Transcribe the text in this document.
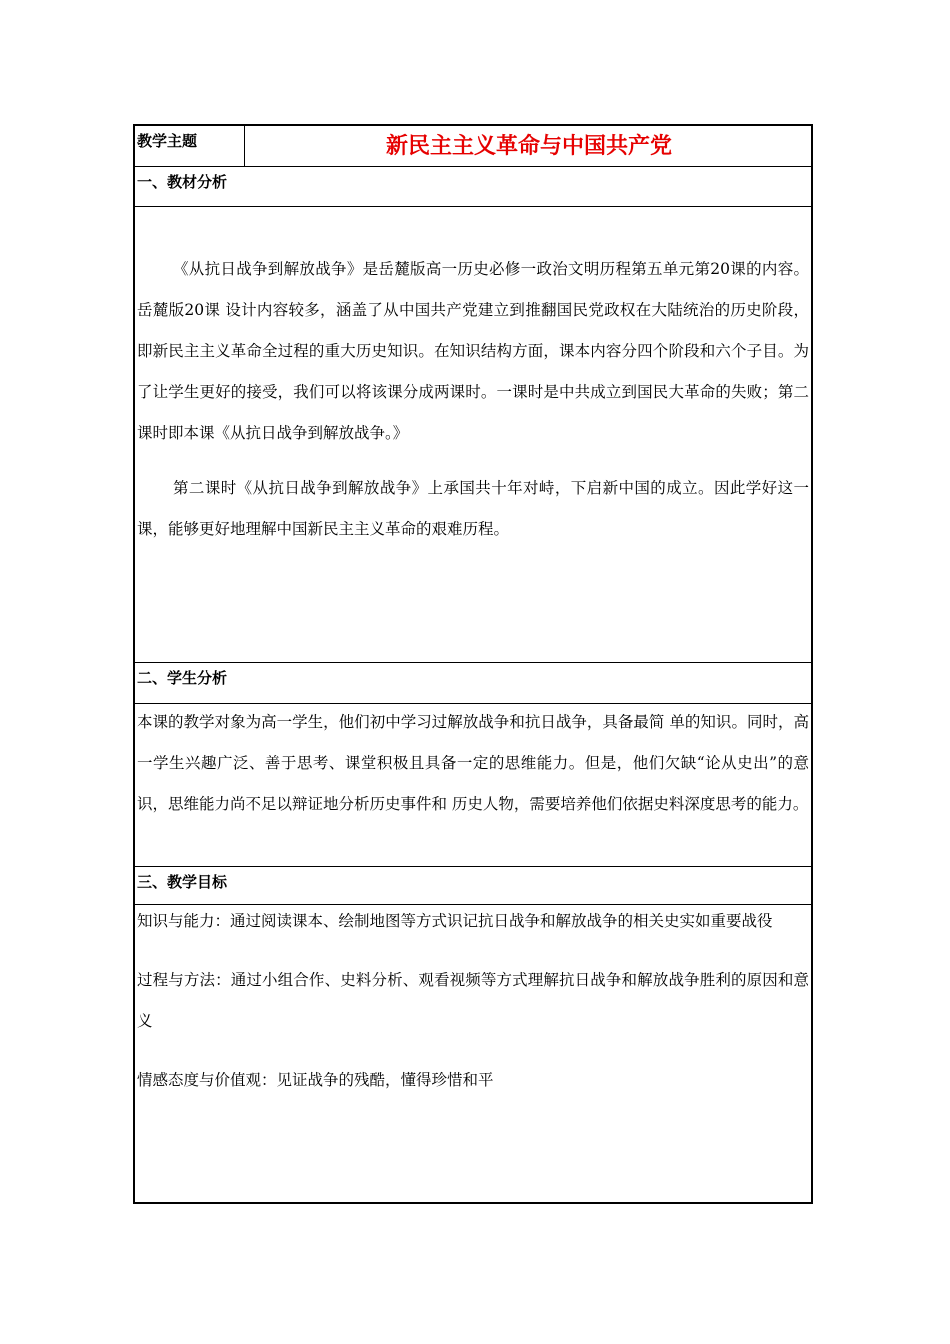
教学主题	新民主主义革命与中国共产党
一、教材分析

《从抗日战争到解放战争》是岳麓版高一历史必修一政治文明历程第五单元第20课的内容。岳麓版20课 设计内容较多，涵盖了从中国共产党建立到推翻国民党政权在大陆统治的历史阶段，即新民主主义革命全过程的重大历史知识。在知识结构方面，课本内容分四个阶段和六个子目。为了让学生更好的接受，我们可以将该课分成两课时。一课时是中共成立到国民大革命的失败；第二课时即本课《从抗日战争到解放战争。》

第二课时《从抗日战争到解放战争》上承国共十年对峙，下启新中国的成立。因此学好这一课，能够更好地理解中国新民主主义革命的艰难历程。

二、学生分析

本课的教学对象为高一学生，他们初中学习过解放战争和抗日战争，具备最简 单的知识。同时，高一学生兴趣广泛、善于思考、课堂积极且具备一定的思维能力。但是，他们欠缺“论从史出”的意识，思维能力尚不足以辩证地分析历史事件和 历史人物，需要培养他们依据史料深度思考的能力。

三、教学目标

知识与能力：通过阅读课本、绘制地图等方式识记抗日战争和解放战争的相关史实如重要战役

过程与方法：通过小组合作、史料分析、观看视频等方式理解抗日战争和解放战争胜利的原因和意义

情感态度与价值观：见证战争的残酷，懂得珍惜和平
